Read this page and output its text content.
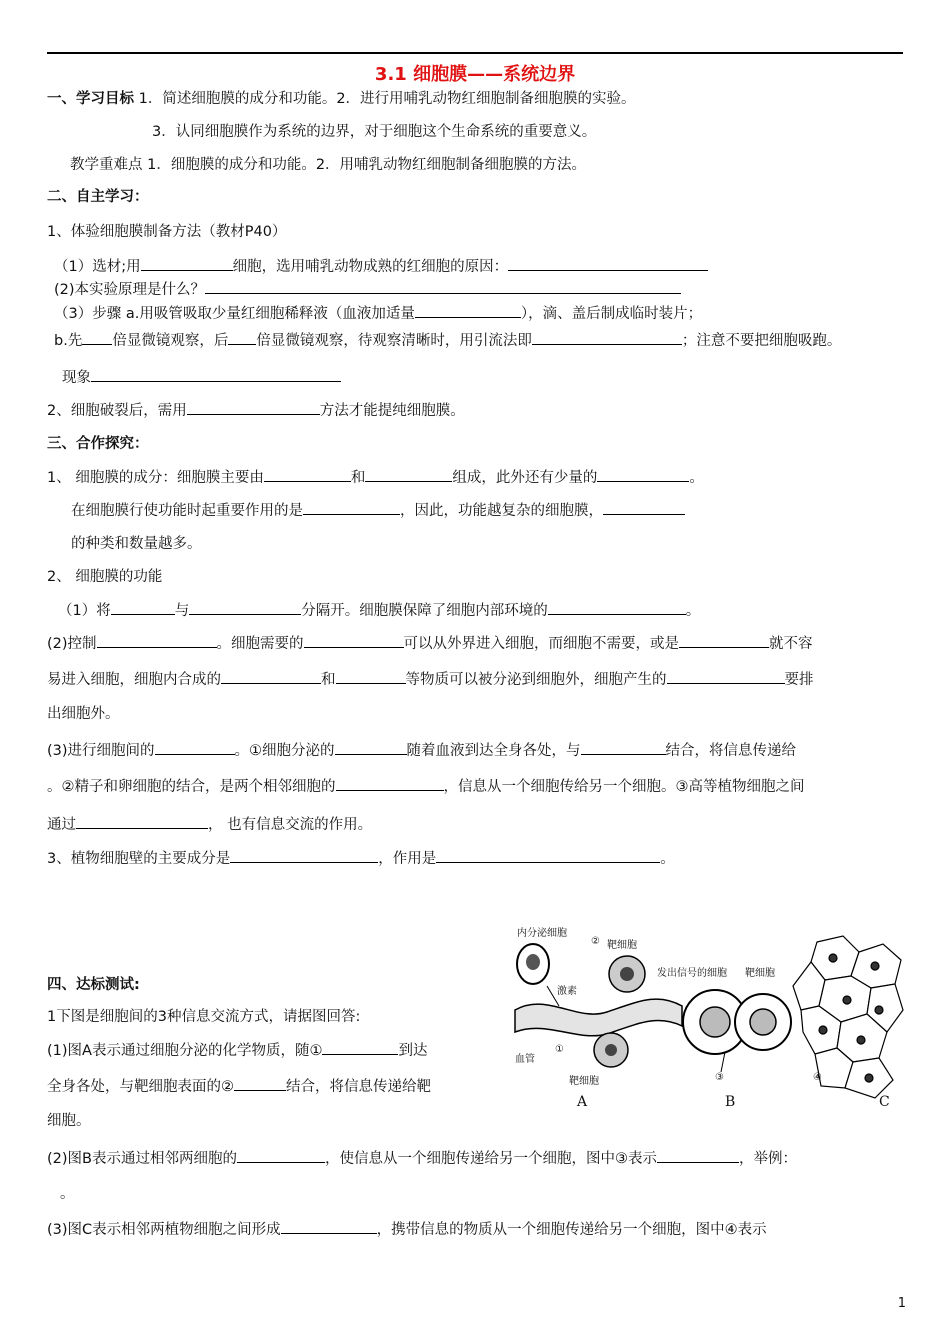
3.1 细胞膜——系统边界
一、学习目标 1．简述细胞膜的成分和功能。2．进行用哺乳动物红细胞制备细胞膜的实验。
3．认同细胞膜作为系统的边界，对于细胞这个生命系统的重要意义。
教学重难点 1．细胞膜的成分和功能。2．用哺乳动物红细胞制备细胞膜的方法。
二、自主学习：
1、体验细胞膜制备方法（教材P40）
（1）选材;用	细胞，选用哺乳动物成熟的红细胞的原因：
(2)本实验原理是什么？
（3）步骤 a.用吸管吸取少量红细胞稀释液（血液加适量	），滴、盖后制成临时装片；
b.先 倍显微镜观察，后 倍显微镜观察，待观察清晰时，用引流法即	；注意不要把细胞吸跑。
现象
2、细胞破裂后，需用	方法才能提纯细胞膜。
三、合作探究：
1、 细胞膜的成分：细胞膜主要由	和	组成，此外还有少量的	。
在细胞膜行使功能时起重要作用的是	，因此，功能越复杂的细胞膜，
的种类和数量越多。
2、 细胞膜的功能
（1）将	与	分隔开。细胞膜保障了细胞内部环境的	。
(2)控制	。细胞需要的	可以从外界进入细胞，而细胞不需要，或是	就不容
易进入细胞，细胞内合成的	和	等物质可以被分泌到细胞外，细胞产生的	要排
出细胞外。
(3)进行细胞间的	。①细胞分泌的	随着血液到达全身各处，与	结合，将信息传递给
。②精子和卵细胞的结合，是两个相邻细胞的	，信息从一个细胞传给另一个细胞。③高等植物细胞之间
通过	， 也有信息交流的作用。
3、植物细胞壁的主要成分是	，作用是	。
四、达标测试:
1下图是细胞间的3种信息交流方式，请据图回答:
(1)图A表示通过细胞分泌的化学物质，随①	到达
全身各处，与靶细胞表面的②	结合，将信息传递给靶
细胞。
(2)图B表示通过相邻两细胞的	，使信息从一个细胞传递给另一个细胞，图中③表示	，举例：
。
(3)图C表示相邻两植物细胞之间形成	，携带信息的物质从一个细胞传递给另一个细胞，图中④表示
内分泌细胞
② 靶细胞
激素
血管
①
靶细胞
发出信号的细胞 靶细胞
③	④
A	B	C
1
